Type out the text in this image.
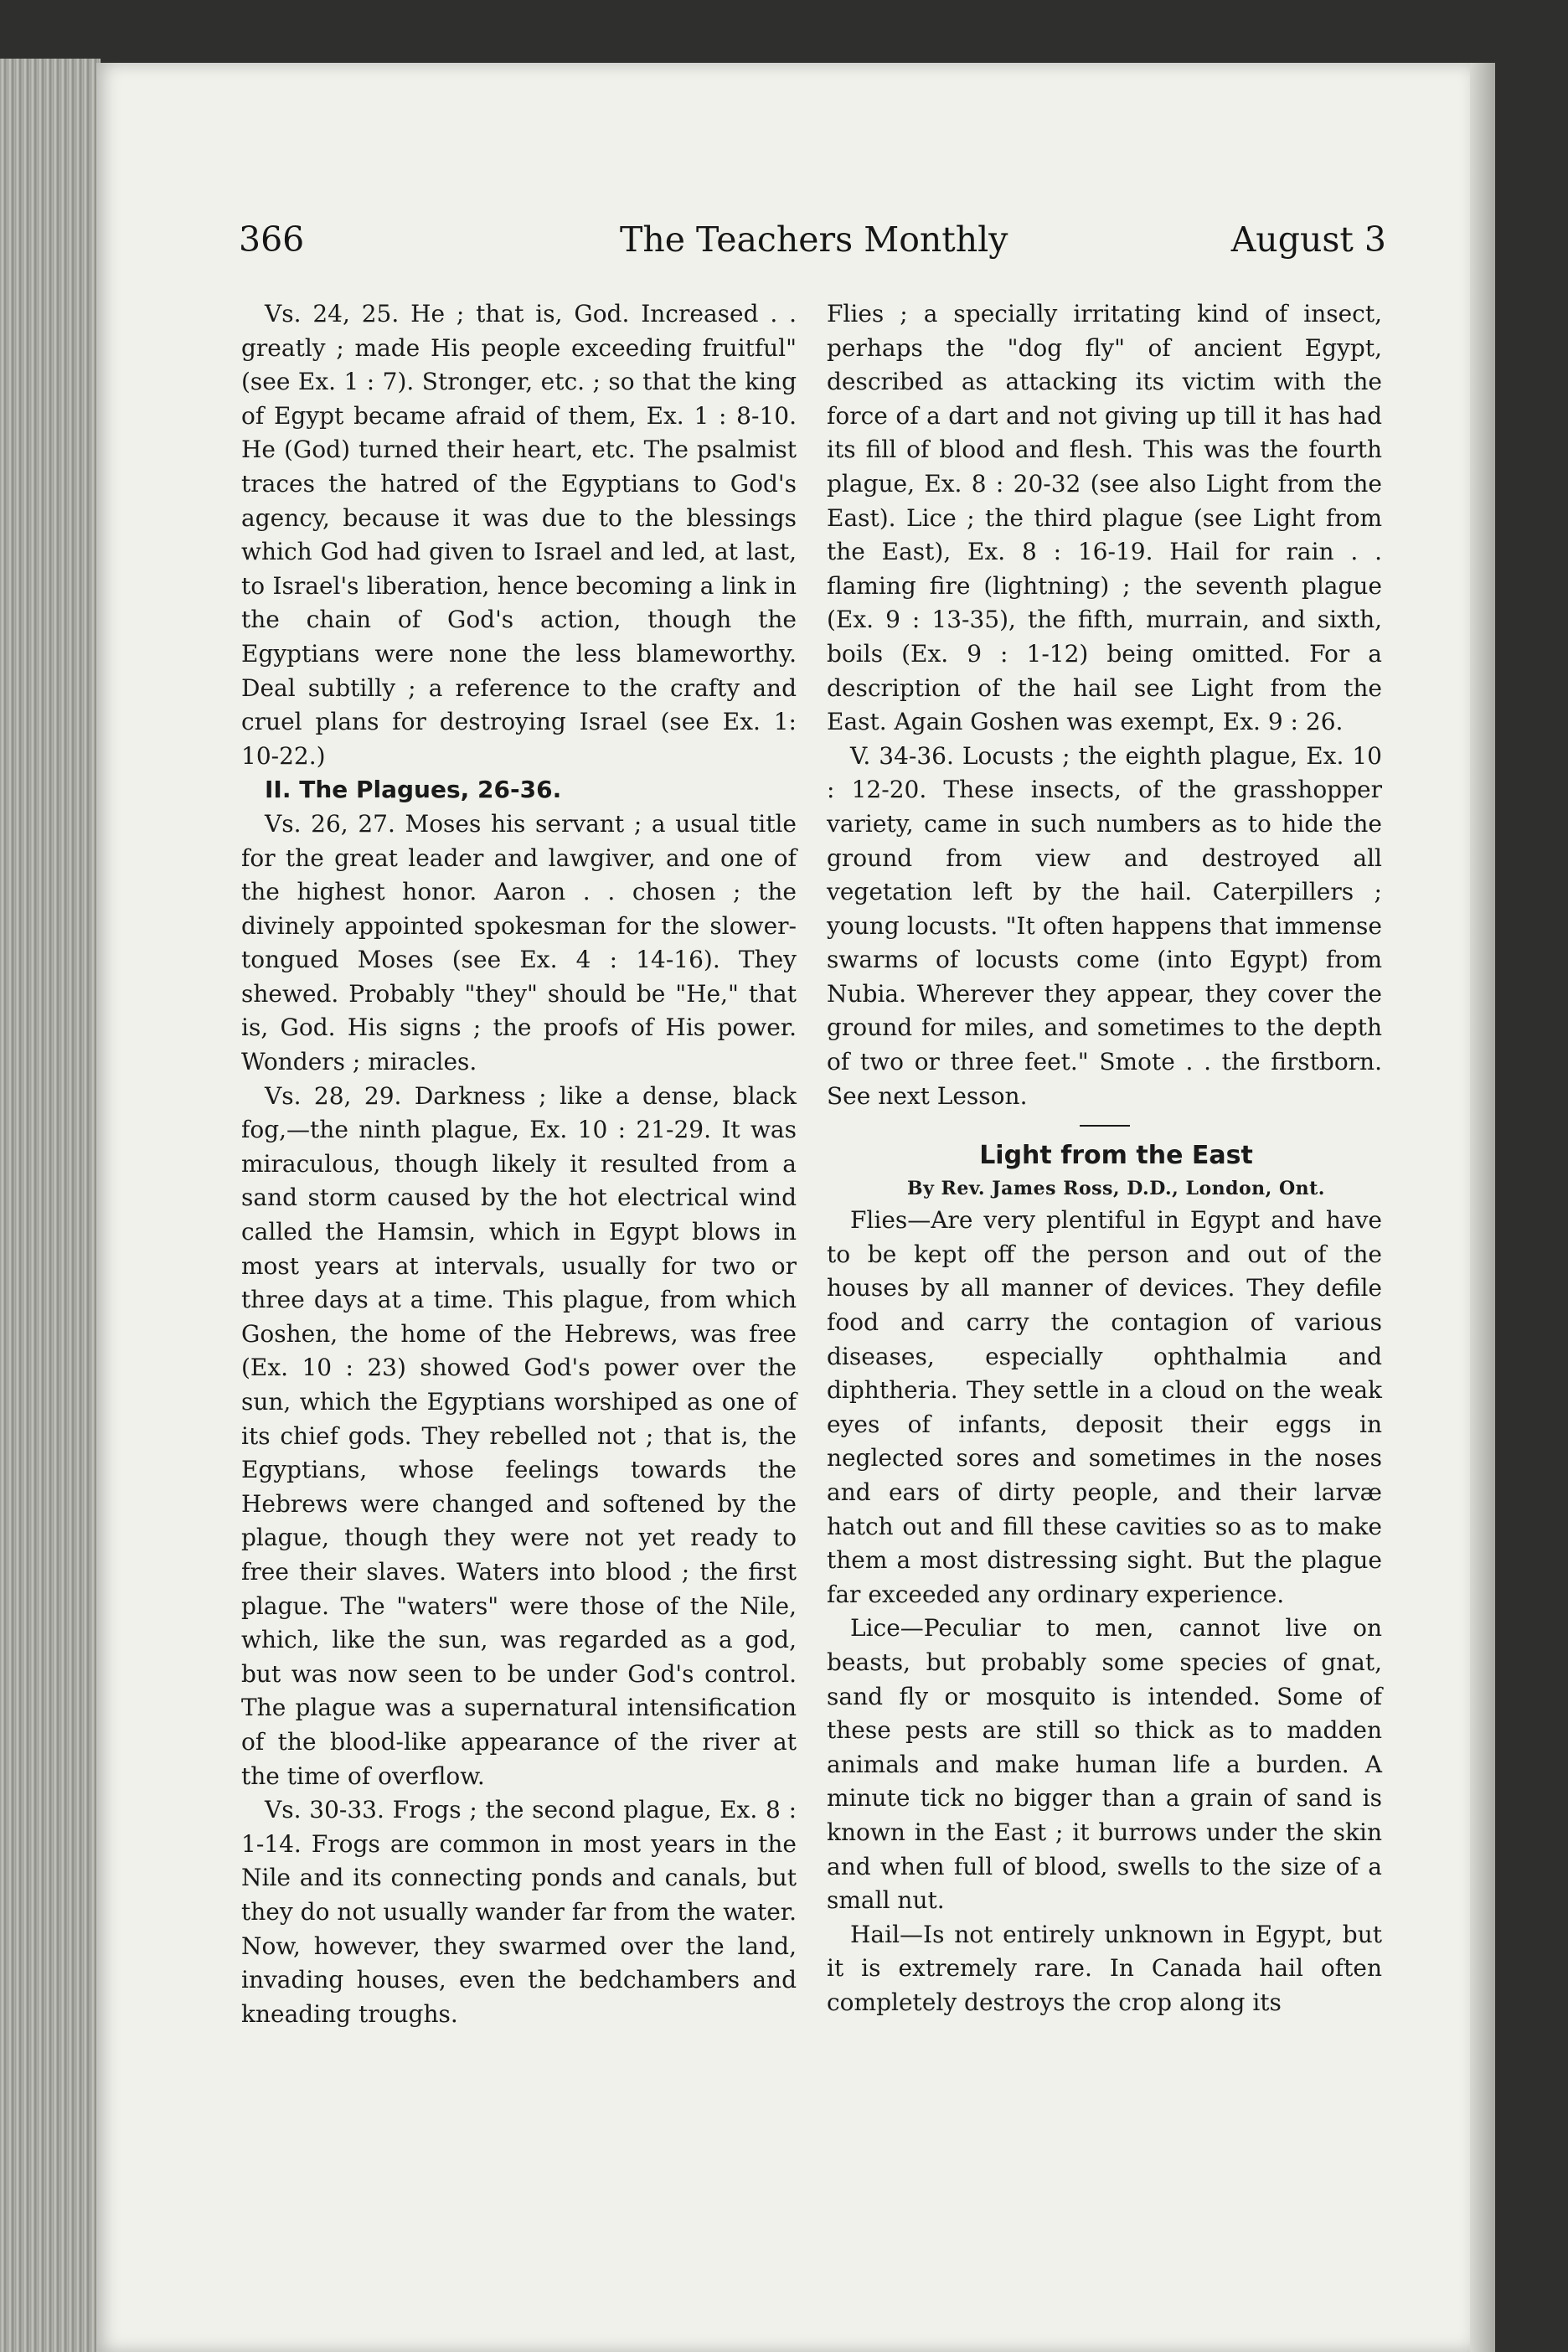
366	The Teachers Monthly	August 3

Vs. 24, 25. He ; that is, God. Increased . . greatly ; made His people exceeding fruitful" (see Ex. 1 : 7). Stronger, etc. ; so that the king of Egypt became afraid of them, Ex. 1 : 8-10. He (God) turned their heart, etc. The psalmist traces the hatred of the Egyptians to God's agency, because it was due to the blessings which God had given to Israel and led, at last, to Israel's liberation, hence becoming a link in the chain of God's action, though the Egyptians were none the less blameworthy. Deal subtilly ; a reference to the crafty and cruel plans for destroying Israel (see Ex. 1: 10-22.)

II. The Plagues, 26-36.

Vs. 26, 27. Moses his servant ; a usual title for the great leader and lawgiver, and one of the highest honor. Aaron . . chosen ; the divinely appointed spokesman for the slower-tongued Moses (see Ex. 4 : 14-16). They shewed. Probably "they" should be "He," that is, God. His signs ; the proofs of His power. Wonders ; miracles.

Vs. 28, 29. Darkness ; like a dense, black fog,—the ninth plague, Ex. 10 : 21-29. It was miraculous, though likely it resulted from a sand storm caused by the hot electrical wind called the Hamsin, which in Egypt blows in most years at intervals, usually for two or three days at a time. This plague, from which Goshen, the home of the Hebrews, was free (Ex. 10 : 23) showed God's power over the sun, which the Egyptians worshiped as one of its chief gods. They rebelled not ; that is, the Egyptians, whose feelings towards the Hebrews were changed and softened by the plague, though they were not yet ready to free their slaves. Waters into blood ; the first plague. The "waters" were those of the Nile, which, like the sun, was regarded as a god, but was now seen to be under God's control. The plague was a supernatural intensification of the blood-like appearance of the river at the time of overflow.

Vs. 30-33. Frogs ; the second plague, Ex. 8 : 1-14. Frogs are common in most years in the Nile and its connecting ponds and canals, but they do not usually wander far from the water. Now, however, they swarmed over the land, invading houses, even the bedchambers and kneading troughs.

Flies ; a specially irritating kind of insect, perhaps the "dog fly" of ancient Egypt, described as attacking its victim with the force of a dart and not giving up till it has had its fill of blood and flesh. This was the fourth plague, Ex. 8 : 20-32 (see also Light from the East). Lice ; the third plague (see Light from the East), Ex. 8 : 16-19. Hail for rain . . flaming fire (lightning) ; the seventh plague (Ex. 9 : 13-35), the fifth, murrain, and sixth, boils (Ex. 9 : 1-12) being omitted. For a description of the hail see Light from the East. Again Goshen was exempt, Ex. 9 : 26.

V. 34-36. Locusts ; the eighth plague, Ex. 10 : 12-20. These insects, of the grasshopper variety, came in such numbers as to hide the ground from view and destroyed all vegetation left by the hail. Caterpillers ; young locusts. "It often happens that immense swarms of locusts come (into Egypt) from Nubia. Wherever they appear, they cover the ground for miles, and sometimes to the depth of two or three feet." Smote . . the firstborn. See next Lesson.

Light from the East

By Rev. James Ross, D.D., London, Ont.

Flies—Are very plentiful in Egypt and have to be kept off the person and out of the houses by all manner of devices. They defile food and carry the contagion of various diseases, especially ophthalmia and diphtheria. They settle in a cloud on the weak eyes of infants, deposit their eggs in neglected sores and sometimes in the noses and ears of dirty people, and their larvæ hatch out and fill these cavities so as to make them a most distressing sight. But the plague far exceeded any ordinary experience.

Lice—Peculiar to men, cannot live on beasts, but probably some species of gnat, sand fly or mosquito is intended. Some of these pests are still so thick as to madden animals and make human life a burden. A minute tick no bigger than a grain of sand is known in the East ; it burrows under the skin and when full of blood, swells to the size of a small nut.

Hail—Is not entirely unknown in Egypt, but it is extremely rare. In Canada hail often completely destroys the crop along its
